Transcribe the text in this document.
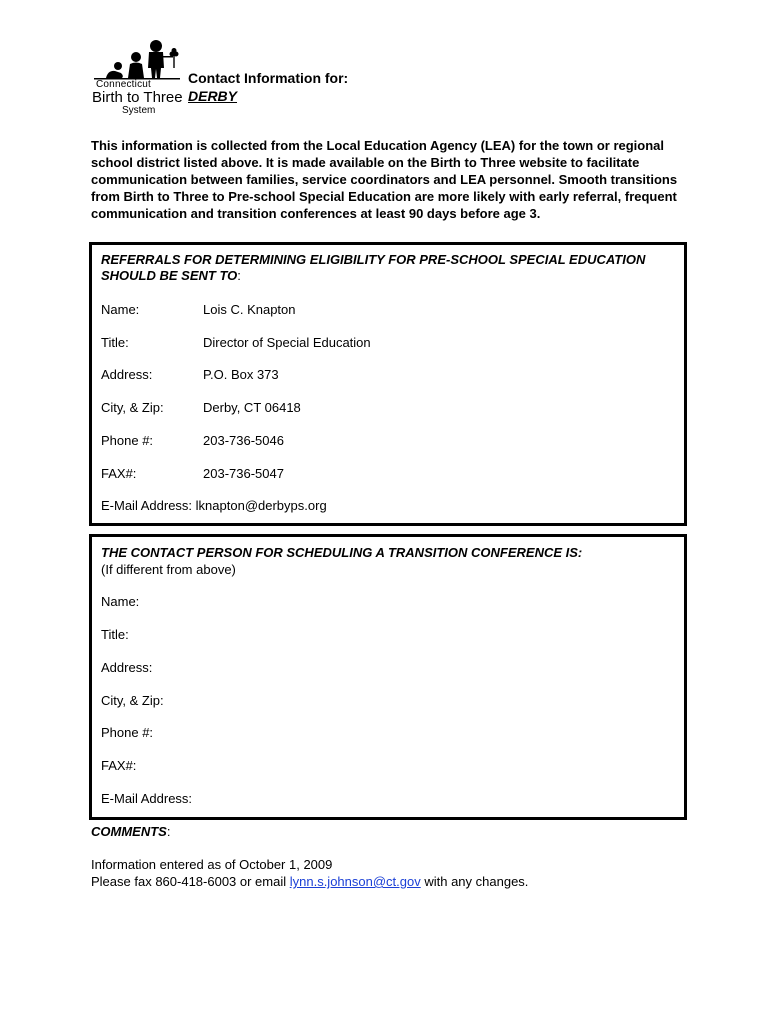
Connecticut
Birth to Three
System
Contact Information for:
DERBY
This information is collected from the Local Education Agency (LEA) for the town or regional school district listed above. It is made available on the Birth to Three website to facilitate communication between families, service coordinators and LEA personnel. Smooth transitions from Birth to Three to Pre-school Special Education are more likely with early referral, frequent communication and transition conferences at least 90 days before age 3.
REFERRALS FOR DETERMINING ELIGIBILITY FOR PRE-SCHOOL SPECIAL EDUCATION SHOULD BE SENT TO:
Name:	Lois C. Knapton
Title:	Director of Special Education
Address:	P.O. Box 373
City, & Zip:	Derby, CT 06418
Phone #:	203-736-5046
FAX#:	203-736-5047
E-Mail Address: lknapton@derbyps.org
THE CONTACT PERSON FOR SCHEDULING A TRANSITION CONFERENCE IS:
(If different from above)
Name:
Title:
Address:
City, & Zip:
Phone #:
FAX#:
E-Mail Address:
COMMENTS:
Information entered as of October 1, 2009
Please fax 860-418-6003 or email lynn.s.johnson@ct.gov with any changes.
